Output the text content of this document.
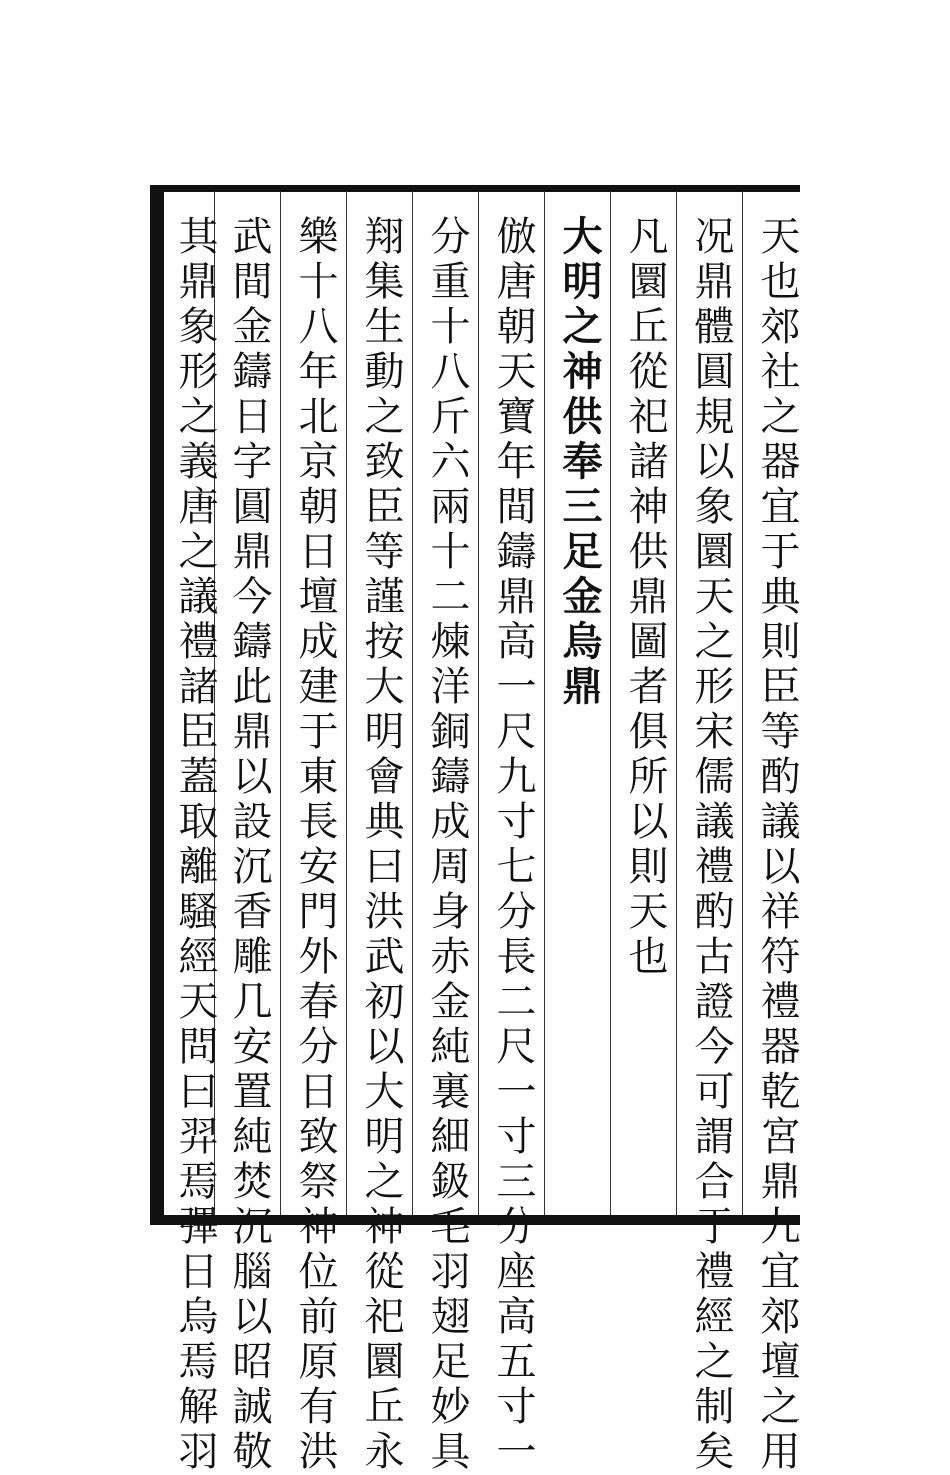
天也郊社之器宜于典則臣等酌議以祥符禮器乾宮鼎九宜郊壇之用
况鼎體圓規以象圜天之形宋儒議禮酌古證今可謂合于禮經之制矣
凡圜丘從祀諸神供鼎圖者俱所以則天也
大明之神供奉三足金烏鼎
倣唐朝天寶年間鑄鼎高一尺九寸七分長二尺一寸三分座高五寸一
分重十八斤六兩十二煉洋銅鑄成周身赤金純裏細鈒毛羽翅足妙具
翔集生動之致臣等謹按大明會典曰洪武初以大明之神從祀圜丘永
樂十八年北京朝日壇成建于東長安門外春分日致祭神位前原有洪
武間金鑄日字圓鼎今鑄此鼎以設沉香雕几安置純焚沉腦以昭誠敬
其鼎象形之義唐之議禮諸臣蓋取離騷經天問曰羿焉彃日烏焉解羽
